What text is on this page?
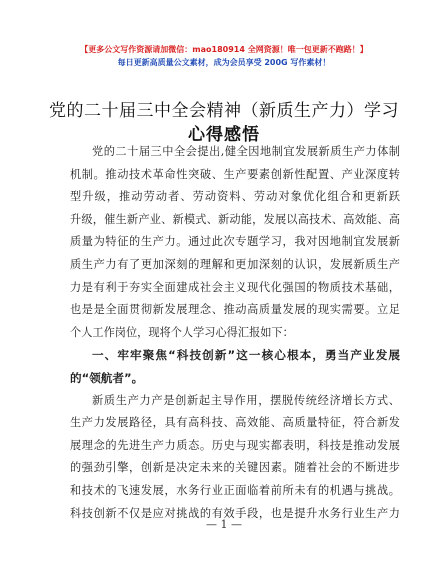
【更多公文写作资源请加微信：mao180914 全网资源！唯一包更新不跑路！】
每日更新高质量公文素材，成为会员享受 200G 写作素材！
党的二十届三中全会精神（新质生产力）学习
心得感悟
党的二十届三中全会提出,健全因地制宜发展新质生产力体制
机制。推动技术革命性突破、生产要素创新性配置、产业深度转
型升级，推动劳动者、劳动资料、劳动对象优化组合和更新跃
升级，催生新产业、新模式、新动能，发展以高技术、高效能、高
质量为特征的生产力。通过此次专题学习，我对因地制宜发展新
质生产力有了更加深刻的理解和更加深刻的认识，发展新质生产
力是有利于夯实全面建成社会主义现代化强国的物质技术基础，
也是是全面贯彻新发展理念、推动高质量发展的现实需要。立足
个人工作岗位，现将个人学习心得汇报如下：
一、牢牢聚焦“科技创新”这一核心根本，勇当产业发展
的“领航者”。
新质生产力产是创新起主导作用，摆脱传统经济增长方式、
生产力发展路径，具有高科技、高效能、高质量特征，符合新发
展理念的先进生产力质态。历史与现实都表明，科技是推动发展
的强劲引擎，创新是决定未来的关键因素。随着社会的不断进步
和技术的飞速发展，水务行业正面临着前所未有的机遇与挑战。
科技创新不仅是应对挑战的有效手段，也是提升水务行业生产力
— 1 —
